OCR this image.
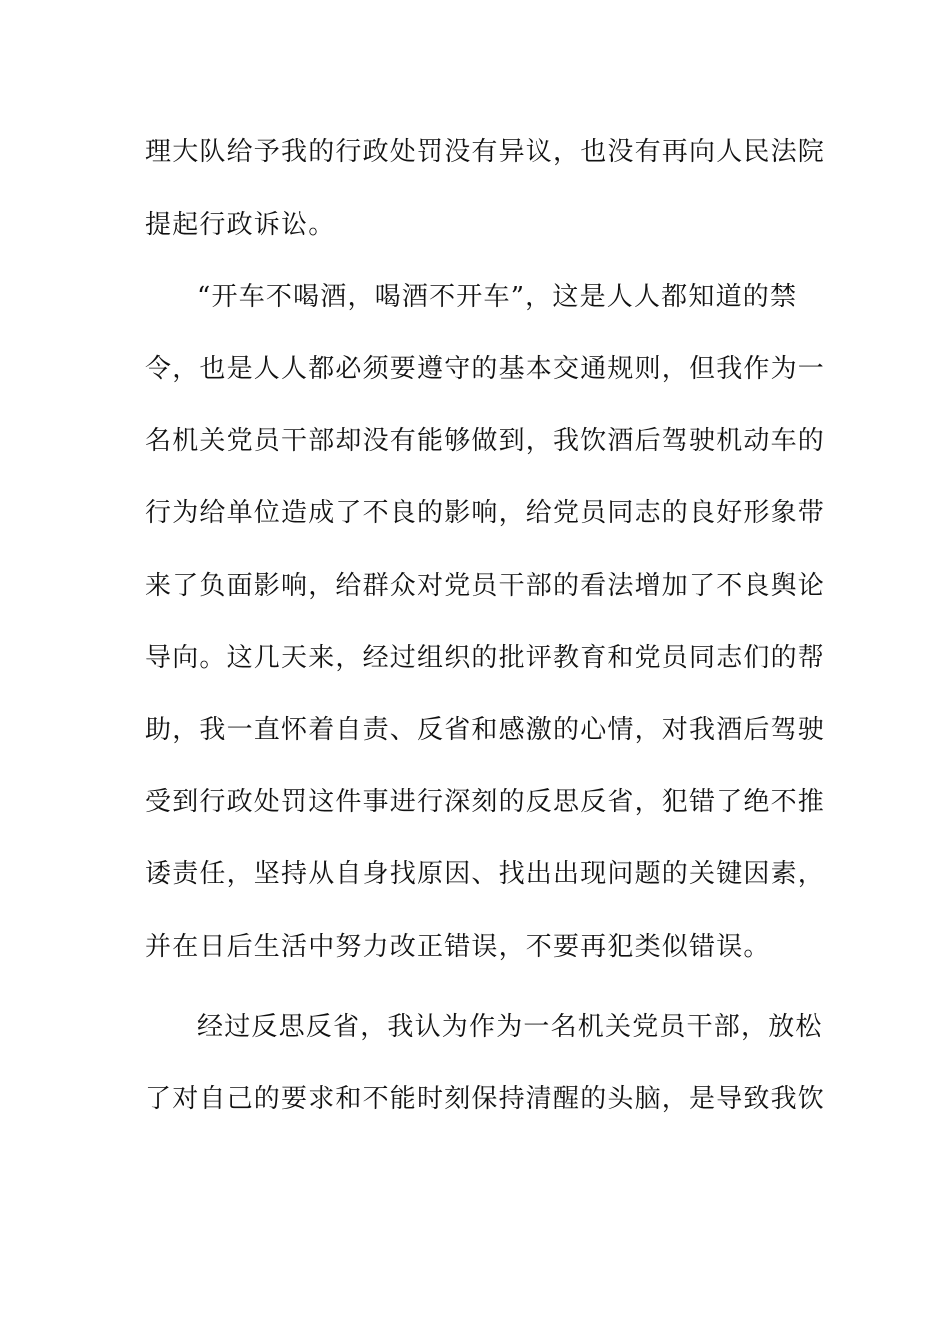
理大队给予我的行政处罚没有异议，也没有再向人民法院
提起行政诉讼。
“开车不喝酒，喝酒不开车”，这是人人都知道的禁
令，也是人人都必须要遵守的基本交通规则，但我作为一
名机关党员干部却没有能够做到，我饮酒后驾驶机动车的
行为给单位造成了不良的影响，给党员同志的良好形象带
来了负面影响，给群众对党员干部的看法增加了不良舆论
导向。这几天来，经过组织的批评教育和党员同志们的帮
助，我一直怀着自责、反省和感激的心情，对我酒后驾驶
受到行政处罚这件事进行深刻的反思反省，犯错了绝不推
诿责任，坚持从自身找原因、找出出现问题的关键因素，
并在日后生活中努力改正错误，不要再犯类似错误。
经过反思反省，我认为作为一名机关党员干部，放松
了对自己的要求和不能时刻保持清醒的头脑，是导致我饮
